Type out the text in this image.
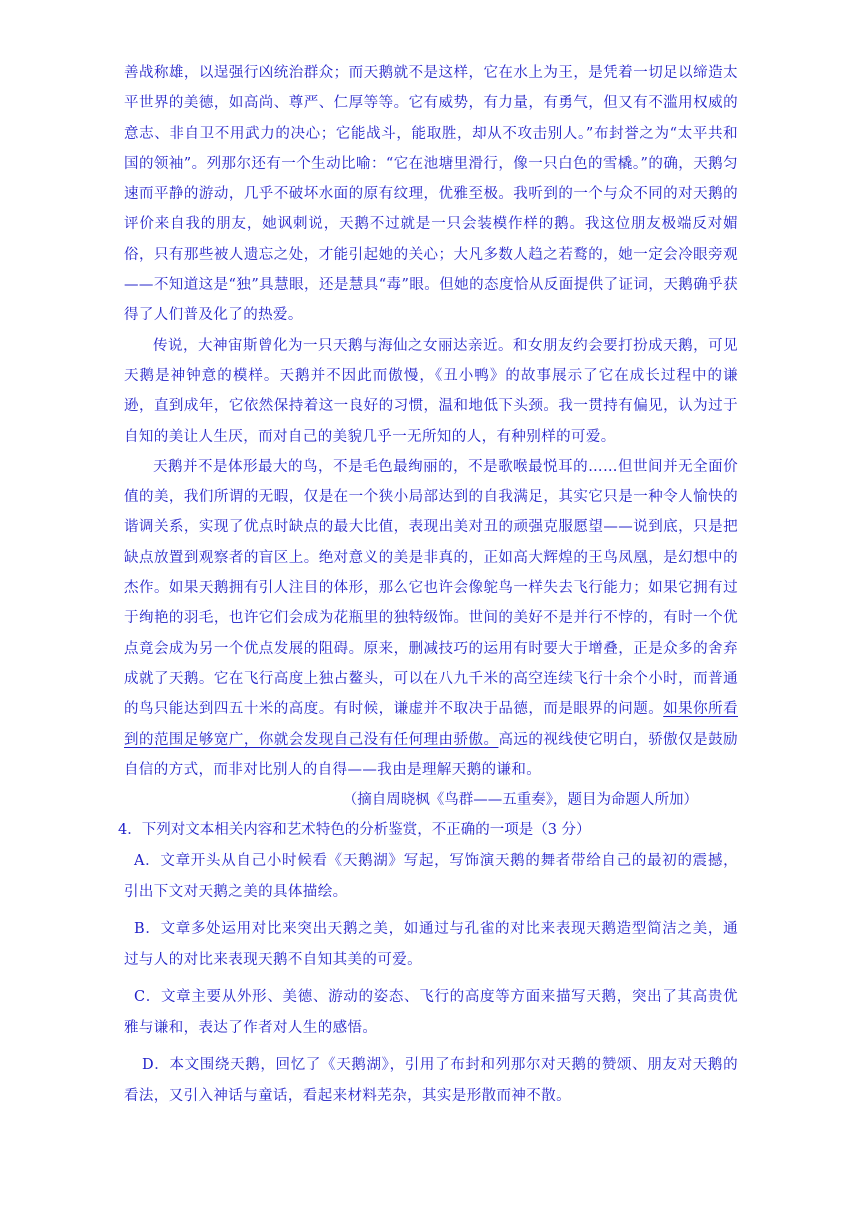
善战称雄，以逞强行凶统治群众；而天鹅就不是这样，它在水上为王，是凭着一切足以缔造太平世界的美德，如高尚、尊严、仁厚等等。它有威势，有力量，有勇气，但又有不滥用权威的意志、非自卫不用武力的决心；它能战斗，能取胜，却从不攻击别人。”布封誉之为“太平共和国的领袖”。列那尔还有一个生动比喻：“它在池塘里滑行，像一只白色的雪橇。”的确，天鹅匀速而平静的游动，几乎不破坏水面的原有纹理，优雅至极。我听到的一个与众不同的对天鹅的评价来自我的朋友，她讽刺说，天鹅不过就是一只会装模作样的鹅。我这位朋友极端反对媚俗，只有那些被人遗忘之处，才能引起她的关心；大凡多数人趋之若鹜的，她一定会冷眼旁观——不知道这是“独”具慧眼，还是慧具“毒”眼。但她的态度恰从反面提供了证词，天鹅确乎获得了人们普及化了的热爱。

传说，大神宙斯曾化为一只天鹅与海仙之女丽达亲近。和女朋友约会要打扮成天鹅，可见天鹅是神钟意的模样。天鹅并不因此而傲慢，《丑小鸭》的故事展示了它在成长过程中的谦逊，直到成年，它依然保持着这一良好的习惯，温和地低下头颈。我一贯持有偏见，认为过于自知的美让人生厌，而对自己的美貌几乎一无所知的人，有种别样的可爱。

天鹅并不是体形最大的鸟，不是毛色最绚丽的，不是歌喉最悦耳的……但世间并无全面价值的美，我们所谓的无暇，仅是在一个狭小局部达到的自我满足，其实它只是一种令人愉快的谐调关系，实现了优点时缺点的最大比值，表现出美对丑的顽强克服愿望——说到底，只是把缺点放置到观察者的盲区上。绝对意义的美是非真的，正如高大辉煌的王鸟凤凰，是幻想中的杰作。如果天鹅拥有引人注目的体形，那么它也许会像鸵鸟一样失去飞行能力；如果它拥有过于绚艳的羽毛，也许它们会成为花瓶里的独特级饰。世间的美好不是并行不悖的，有时一个优点竟会成为另一个优点发展的阻碍。原来，删减技巧的运用有时要大于增叠，正是众多的舍弃成就了天鹅。它在飞行高度上独占鳌头，可以在八九千米的高空连续飞行十余个小时，而普通的鸟只能达到四五十米的高度。有时候，谦虚并不取决于品德，而是眼界的问题。如果你所看到的范围足够宽广，你就会发现自己没有任何理由骄傲。高远的视线使它明白，骄傲仅是鼓励自信的方式，而非对比别人的自得——我由是理解天鹅的谦和。

（摘自周晓枫《鸟群——五重奏》，题目为命题人所加）

4．下列对文本相关内容和艺术特色的分析鉴赏，不正确的一项是（3 分）

A．文章开头从自己小时候看《天鹅湖》写起，写饰演天鹅的舞者带给自己的最初的震撼，引出下文对天鹅之美的具体描绘。

B．文章多处运用对比来突出天鹅之美，如通过与孔雀的对比来表现天鹅造型简洁之美，通过与人的对比来表现天鹅不自知其美的可爱。

C．文章主要从外形、美德、游动的姿态、飞行的高度等方面来描写天鹅，突出了其高贵优雅与谦和，表达了作者对人生的感悟。

D．本文围绕天鹅，回忆了《天鹅湖》，引用了布封和列那尔对天鹅的赞颂、朋友对天鹅的看法，又引入神话与童话，看起来材料芜杂，其实是形散而神不散。
